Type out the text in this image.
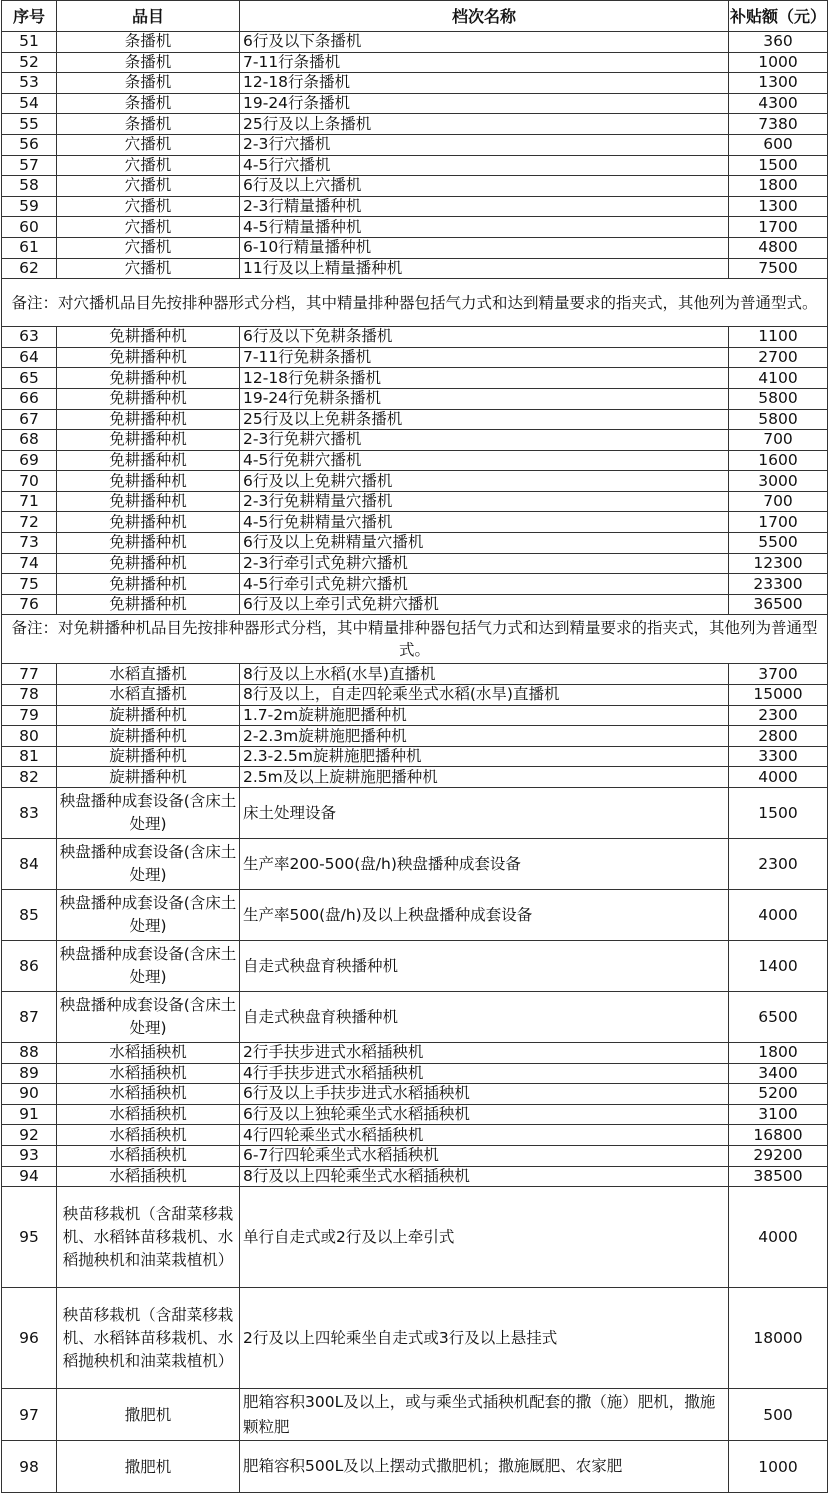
序号	品目	档次名称	补贴额（元）
51	条播机	6行及以下条播机	360
52	条播机	7-11行条播机	1000
53	条播机	12-18行条播机	1300
54	条播机	19-24行条播机	4300
55	条播机	25行及以上条播机	7380
56	穴播机	2-3行穴播机	600
57	穴播机	4-5行穴播机	1500
58	穴播机	6行及以上穴播机	1800
59	穴播机	2-3行精量播种机	1300
60	穴播机	4-5行精量播种机	1700
61	穴播机	6-10行精量播种机	4800
62	穴播机	11行及以上精量播种机	7500
备注：对穴播机品目先按排种器形式分档，其中精量排种器包括气力式和达到精量要求的指夹式，其他列为普通型式。			
63	免耕播种机	6行及以下免耕条播机	1100
64	免耕播种机	7-11行免耕条播机	2700
65	免耕播种机	12-18行免耕条播机	4100
66	免耕播种机	19-24行免耕条播机	5800
67	免耕播种机	25行及以上免耕条播机	5800
68	免耕播种机	2-3行免耕穴播机	700
69	免耕播种机	4-5行免耕穴播机	1600
70	免耕播种机	6行及以上免耕穴播机	3000
71	免耕播种机	2-3行免耕精量穴播机	700
72	免耕播种机	4-5行免耕精量穴播机	1700
73	免耕播种机	6行及以上免耕精量穴播机	5500
74	免耕播种机	2-3行牵引式免耕穴播机	12300
75	免耕播种机	4-5行牵引式免耕穴播机	23300
76	免耕播种机	6行及以上牵引式免耕穴播机	36500
备注：对免耕播种机品目先按排种器形式分档，其中精量排种器包括气力式和达到精量要求的指夹式，其他列为普通型式。			
77	水稻直播机	8行及以上水稻(水旱)直播机	3700
78	水稻直播机	8行及以上，自走四轮乘坐式水稻(水旱)直播机	15000
79	旋耕播种机	1.7-2m旋耕施肥播种机	2300
80	旋耕播种机	2-2.3m旋耕施肥播种机	2800
81	旋耕播种机	2.3-2.5m旋耕施肥播种机	3300
82	旋耕播种机	2.5m及以上旋耕施肥播种机	4000
83	秧盘播种成套设备(含床土处理)	床土处理设备	1500
84	秧盘播种成套设备(含床土处理)	生产率200-500(盘/h)秧盘播种成套设备	2300
85	秧盘播种成套设备(含床土处理)	生产率500(盘/h)及以上秧盘播种成套设备	4000
86	秧盘播种成套设备(含床土处理)	自走式秧盘育秧播种机	1400
87	秧盘播种成套设备(含床土处理)	自走式秧盘育秧播种机	6500
88	水稻插秧机	2行手扶步进式水稻插秧机	1800
89	水稻插秧机	4行手扶步进式水稻插秧机	3400
90	水稻插秧机	6行及以上手扶步进式水稻插秧机	5200
91	水稻插秧机	6行及以上独轮乘坐式水稻插秧机	3100
92	水稻插秧机	4行四轮乘坐式水稻插秧机	16800
93	水稻插秧机	6-7行四轮乘坐式水稻插秧机	29200
94	水稻插秧机	8行及以上四轮乘坐式水稻插秧机	38500
95	秧苗移栽机（含甜菜移栽机、水稻钵苗移栽机、水稻抛秧机和油菜栽植机）	单行自走式或2行及以上牵引式	4000
96	秧苗移栽机（含甜菜移栽机、水稻钵苗移栽机、水稻抛秧机和油菜栽植机）	2行及以上四轮乘坐自走式或3行及以上悬挂式	18000
97	撒肥机	肥箱容积300L及以上，或与乘坐式插秧机配套的撒（施）肥机，撒施颗粒肥	500
98	撒肥机	肥箱容积500L及以上摆动式撒肥机；撒施厩肥、农家肥	1000
